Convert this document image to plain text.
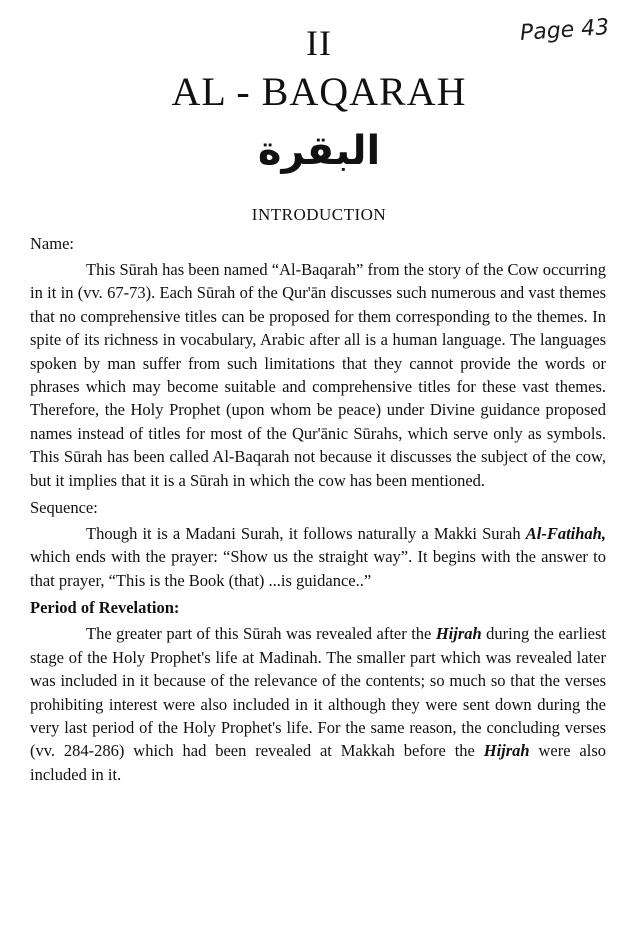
Page 43
II
AL - BAQARAH
البقرة
INTRODUCTION
Name:

This Sūrah has been named “Al-Baqarah” from the story of the Cow occurring in it in (vv. 67-73). Each Sūrah of the Qur'ān discusses such numerous and vast themes that no comprehensive titles can be proposed for them corresponding to the themes. In spite of its richness in vocabulary, Arabic after all is a human language. The languages spoken by man suffer from such limitations that they cannot provide the words or phrases which may become suitable and comprehensive titles for these vast themes. Therefore, the Holy Prophet (upon whom be peace) under Divine guidance proposed names instead of titles for most of the Qur'ānic Sūrahs, which serve only as symbols. This Sūrah has been called Al-Baqarah not because it discusses the subject of the cow, but it implies that it is a Sūrah in which the cow has been mentioned.

Sequence:

Though it is a Madani Surah, it follows naturally a Makki Surah Al-Fatihah, which ends with the prayer: “Show us the straight way”. It begins with the answer to that prayer, “This is the Book (that) ...is guidance..”

Period of Revelation:

The greater part of this Sūrah was revealed after the Hijrah during the earliest stage of the Holy Prophet's life at Madinah. The smaller part which was revealed later was included in it because of the relevance of the contents; so much so that the verses prohibiting interest were also included in it although they were sent down during the very last period of the Holy Prophet's life. For the same reason, the concluding verses (vv. 284-286) which had been revealed at Makkah before the Hijrah were also included in it.
